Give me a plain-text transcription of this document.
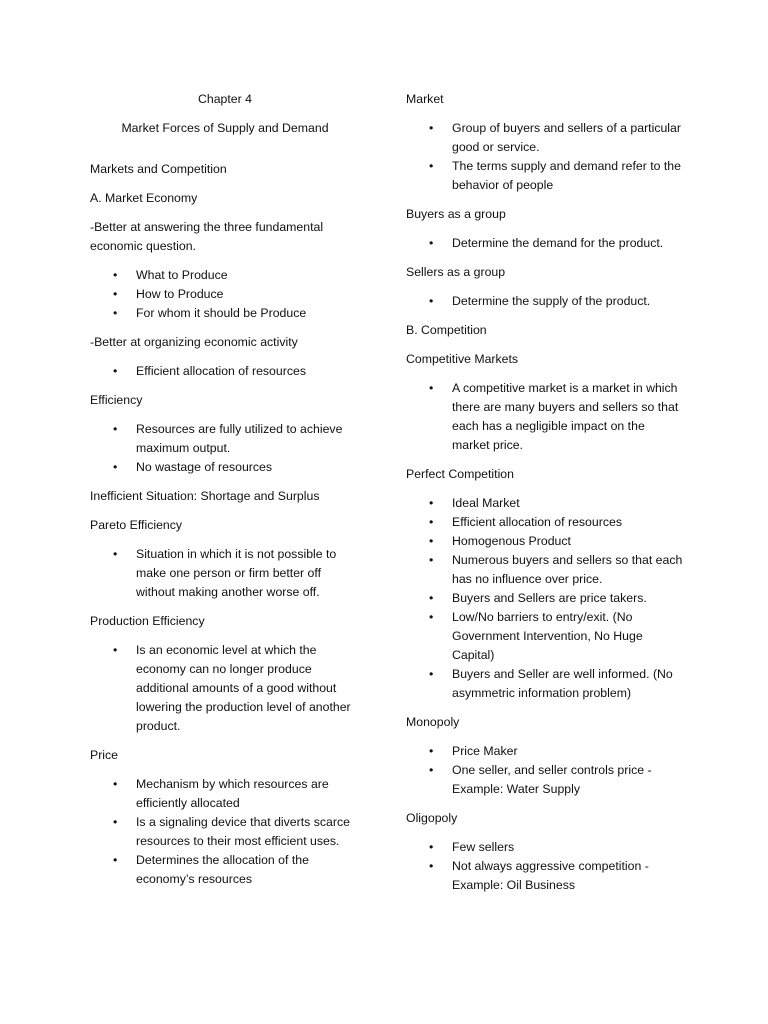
Chapter 4
Market Forces of Supply and Demand
Markets and Competition
A. Market Economy
-Better at answering the three fundamental economic question.
• What to Produce
• How to Produce
• For whom it should be Produce
-Better at organizing economic activity
• Efficient allocation of resources
Efficiency
• Resources are fully utilized to achieve maximum output.
• No wastage of resources
Inefficient Situation: Shortage and Surplus
Pareto Efficiency
• Situation in which it is not possible to make one person or firm better off without making another worse off.
Production Efficiency
• Is an economic level at which the economy can no longer produce additional amounts of a good without lowering the production level of another product.
Price
• Mechanism by which resources are efficiently allocated
• Is a signaling device that diverts scarce resources to their most efficient uses.
• Determines the allocation of the economy’s resources
Market
• Group of buyers and sellers of a particular good or service.
• The terms supply and demand refer to the behavior of people
Buyers as a group
• Determine the demand for the product.
Sellers as a group
• Determine the supply of the product.
B. Competition
Competitive Markets
• A competitive market is a market in which there are many buyers and sellers so that each has a negligible impact on the market price.
Perfect Competition
• Ideal Market
• Efficient allocation of resources
• Homogenous Product
• Numerous buyers and sellers so that each has no influence over price.
• Buyers and Sellers are price takers.
• Low/No barriers to entry/exit. (No Government Intervention, No Huge Capital)
• Buyers and Seller are well informed. (No asymmetric information problem)
Monopoly
• Price Maker
• One seller, and seller controls price -Example: Water Supply
Oligopoly
• Few sellers
• Not always aggressive competition -Example: Oil Business
